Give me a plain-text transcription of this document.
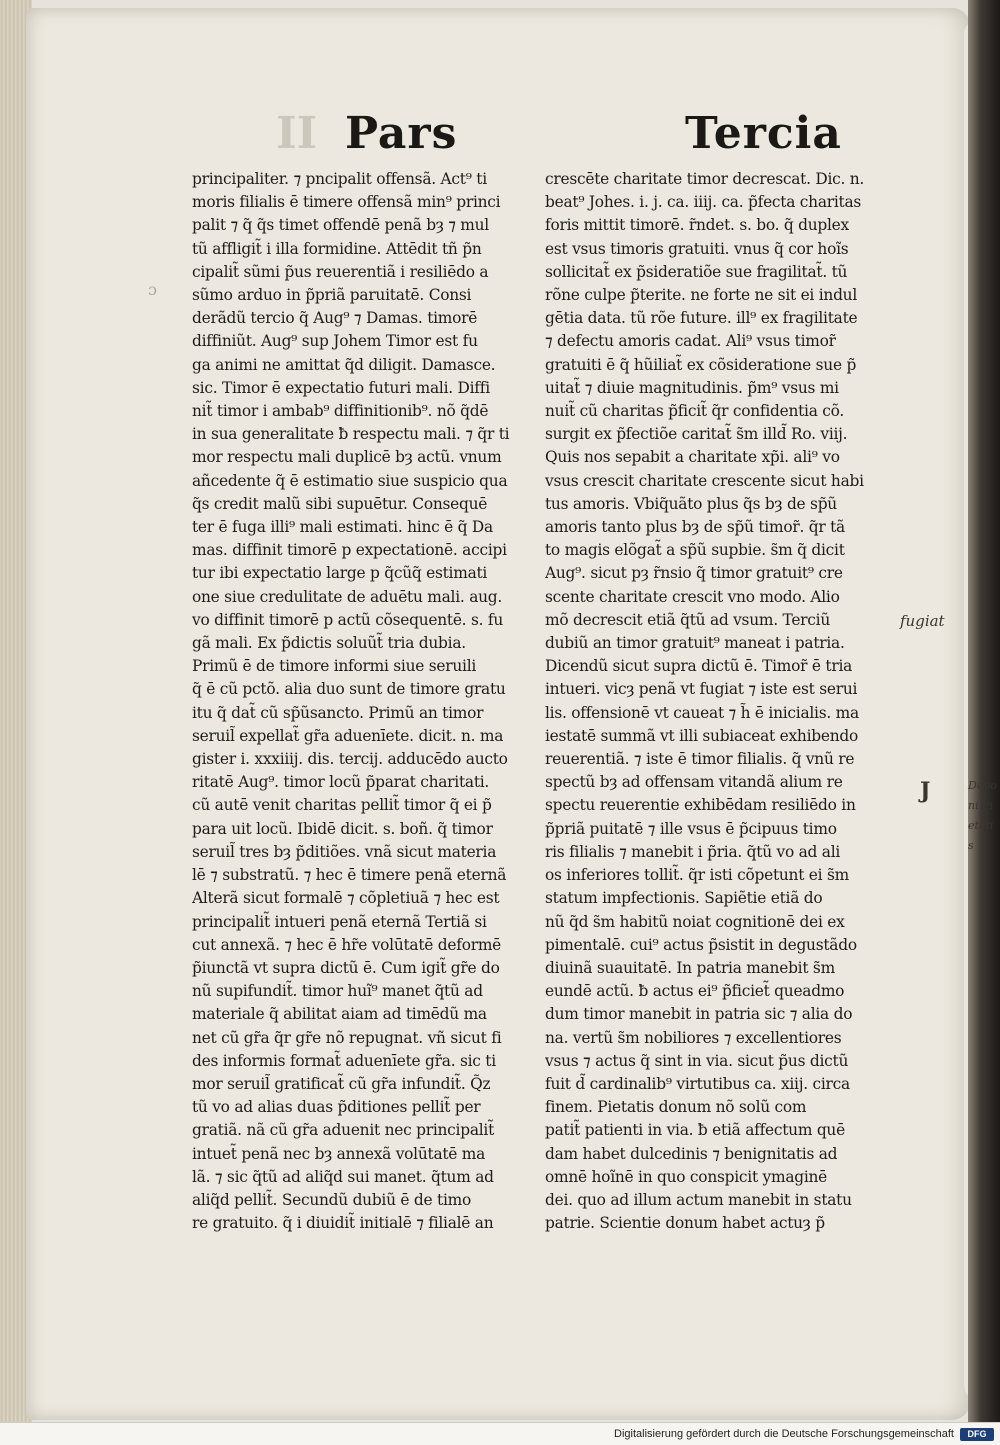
II Pars	Tercia
principaliter. ⁊ pncipalit offensã. Act⁹ ti
moris filialis ē timere offensã min⁹ princi
palit ⁊ q̃ q̃s timet offendē penã bȝ ⁊ mul
tũ affligit̃ i illa formidine. Attēdit tñ p̃n
cipalit̃ sũmi p̃us reuerentiã i resiliēdo a
sũmo arduo in p̃priã paruitatē. Consi
derãdũ tercio q̃ Aug⁹ ⁊ Damas. timorē
diffiniũt. Aug⁹ sup Johem Timor est fu
ga animi ne amittat q̃d diligit. Damasce.
sic. Timor ē expectatio futuri mali. Diffi
nit̃ timor i ambab⁹ diffinitionib⁹. nõ q̃dē
in sua generalitate ƀ respectu mali. ⁊ q̃r ti
mor respectu mali duplicē bȝ actũ. vnum
añcedente q̃ ē estimatio siue suspicio qua
q̃s credit malũ sibi supuētur. Consequē
ter ē fuga illi⁹ mali estimati. hinc ē q̃ Da
mas. diffinit timorē p expectationē. accipi
tur ibi expectatio large p q̃cũq̃ estimati
one siue credulitate de aduētu mali. aug.
vo diffinit timorē p actũ cõsequentē. s. fu
gã mali. Ex p̃dictis soluũt̃ tria dubia.
Primũ ē de timore informi siue seruili
q̃ ē cũ pctõ. alia duo sunt de timore gratu
itu q̃ dat̃ cũ sp̃ũsancto. Primũ an timor
seruil̃ expellat̃ gr̃a aduenīete. dicit. n. ma
gister i. xxxiiij. dis. tercij. adducēdo aucto
ritatē Aug⁹. timor locũ p̃parat charitati.
cũ autē venit charitas pellit̃ timor q̃ ei p̃
para uit locũ. Ibidē dicit. s. boñ. q̃ timor
seruil̃ tres bȝ p̃ditiões. vnã sicut materia
lē ⁊ substratũ. ⁊ hec ē timere penã eternã
Alterã sicut formalē ⁊ cõpletiuã ⁊ hec est
principalit̃ intueri penã eternã Tertiã si
cut annexã. ⁊ hec ē hr̃e volūtatē deformē
p̃iunctã vt supra dictũ ē. Cum igit̃ gr̃e do
nũ supifundit̃. timor huĩ⁹ manet q̃tũ ad
materiale q̃ abilitat aiam ad timēdũ ma
net cũ gr̃a q̃r gr̃e nõ repugnat. vñ sicut fi
des informis format̃ aduenīete gr̃a. sic ti
mor seruil̃ gratificat̃ cũ gr̃a infundit̃. Q̃z
tũ vo ad alias duas p̃ditiones pellit̃ per
gratiã. nã cũ gr̃a aduenit nec principalit̃
intuet̃ penã nec bȝ annexã volūtatē ma
lã. ⁊ sic q̃tũ ad aliq̃d sui manet. q̃tum ad
aliq̃d pellit̃. Secundũ dubiũ ē de timo
re gratuito. q̃ i diuidit̃ initialē ⁊ filialē an
crescēte charitate timor decrescat. Dic. n.
beat⁹ Johes. i. j. ca. iiij. ca. p̃fecta charitas
foris mittit timorē. r̃ndet. s. bo. q̃ duplex
est vsus timoris gratuiti. vnus q̃ cor hoĩs
sollicitat̃ ex p̃sideratiõe sue fragilitat̃. tũ
rõne culpe p̃terite. ne forte ne sit ei indul
gētia data. tũ rõe future. ill⁹ ex fragilitate
⁊ defectu amoris cadat. Ali⁹ vsus timor̃
gratuiti ē q̃ hũiliat̃ ex cõsideratione sue p̃
uitat̃ ⁊ diuie magnitudinis. p̃m⁹ vsus mi
nuit̃ cũ charitas p̃ficit̃ q̃r confidentia cõ.
surgit ex p̃fectiõe caritat̃ s̃m illd̃ Ro. viij.
Quis nos sepabit a charitate xp̃i. ali⁹ vo
vsus crescit charitate crescente sicut habi
tus amoris. Vbiq̃uãto plus q̃s bȝ de sp̃ũ
amoris tanto plus bȝ de sp̃ũ timor̃. q̃r tã
to magis elõgat̃ a sp̃ũ supbie. s̃m q̃ dicit
Aug⁹. sicut pȝ r̃nsio q̃ timor gratuit⁹ cre
scente charitate crescit vno modo. Alio
mõ decrescit etiã q̃tũ ad vsum. Terciũ
dubiũ an timor gratuit⁹ maneat i patria.
Dicendũ sicut supra dictũ ē. Timor̃ ē tria
intueri. vicȝ penã vt fugiat ⁊ iste est serui
lis. offensionē vt caueat ⁊ h̃ ē inicialis. ma
iestatē summã vt illi subiaceat exhibendo
reuerentiã. ⁊ iste ē timor filialis. q̃ vnũ re
spectũ bȝ ad offensam vitandã alium re
spectu reuerentie exhibēdam resiliēdo in
p̃priã puitatē ⁊ ille vsus ē p̃cipuus timo
ris filialis ⁊ manebit i p̃ria. q̃tũ vo ad ali
os inferiores tollit̃. q̃r isti cõpetunt ei s̃m
statum impfectionis. Sapiẽtie etiã do
nũ q̃d s̃m habitũ noiat cognitionē dei ex
pimentalē. cui⁹ actus p̃sistit in degustãdo
diuinã suauitatē. In patria manebit s̃m
eundē actũ. ƀ actus ei⁹ p̃ficiet̃ queadmo
dum timor manebit in patria sic ⁊ alia do
na. vertũ s̃m nobiliores ⁊ excellentiores
vsus ⁊ actus q̃ sint in via. sicut p̃us dictũ
fuit d̃ cardinalib⁹ virtutibus ca. xiij. circa
finem. Pietatis donum nõ solũ com
patit̃ patienti in via. ƀ etiã affectum quē
dam habet dulcedinis ⁊ benignitatis ad
omnē hoĩnē in quo conspicit ymaginē
dei. quo ad illum actum manebit in statu
patrie. Scientie donum habet actuȝ p̃
ɔ
fugiat
J	Deponi Pietatis
Digitalisierung gefördert durch die Deutsche Forschungsgemeinschaft	DFG
